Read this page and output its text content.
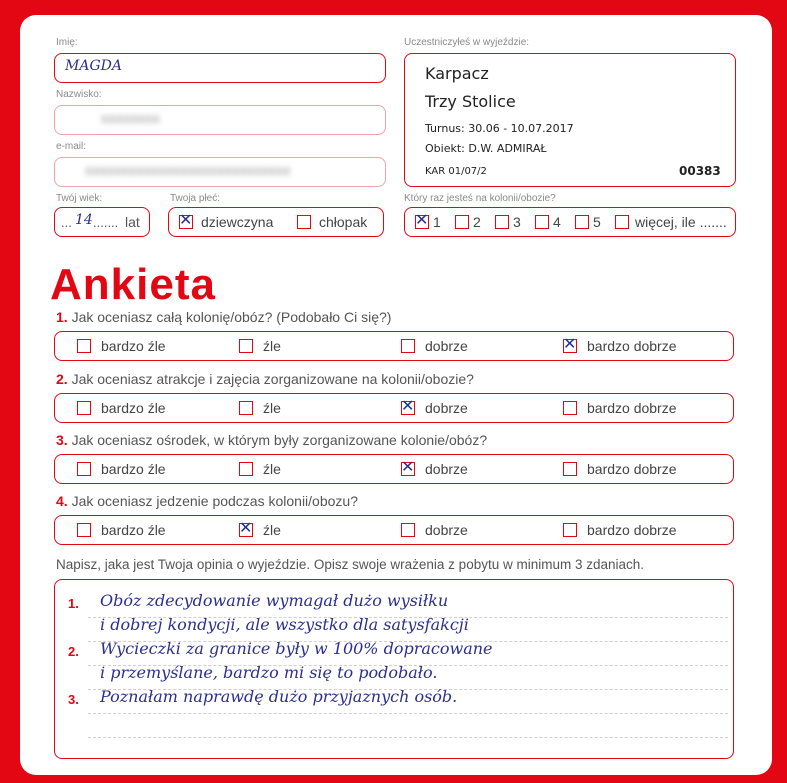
Imię:
MAGDA
Nazwisko:
XXXXXXXX
e-mail:
XXXXXXXXXXXXXXXXXXXXXXXXXXXX
Twój wiek:
... 14 ....... lat
Twoja płeć:
✕
dziewczyna	chłopak
Uczestniczyłeś w wyjeździe:
Karpacz
Trzy Stolice
Turnus: 30.06 - 10.07.2017
Obiekt: D.W. ADMIRAŁ
KAR 01/07/2	00383
Który raz jesteś na kolonii/obozie?
✕
1 2 3 4 5 więcej, ile .......
Ankieta
1. Jak oceniasz całą kolonię/obóz? (Podobało Ci się?)
bardzo źle	źle	dobrze ✕	bardzo dobrze
2. Jak oceniasz atrakcje i zajęcia zorganizowane na kolonii/obozie?
bardzo źle	źle ✕	dobrze	bardzo dobrze
3. Jak oceniasz ośrodek, w którym były zorganizowane kolonie/obóz?
bardzo źle	źle ✕	dobrze	bardzo dobrze
4. Jak oceniasz jedzenie podczas kolonii/obozu?
bardzo źle ✕	źle	dobrze	bardzo dobrze
Napisz, jaka jest Twoja opinia o wyjeździe. Opisz swoje wrażenia z pobytu w minimum 3 zdaniach.
1.
2.
3.
Obóz zdecydowanie wymagał dużo wysiłku
i dobrej kondycji, ale wszystko dla satysfakcji
Wycieczki za granice były w 100% dopracowane
i przemyślane, bardzo mi się to podobało.
Poznałam naprawdę dużo przyjaznych osób.
